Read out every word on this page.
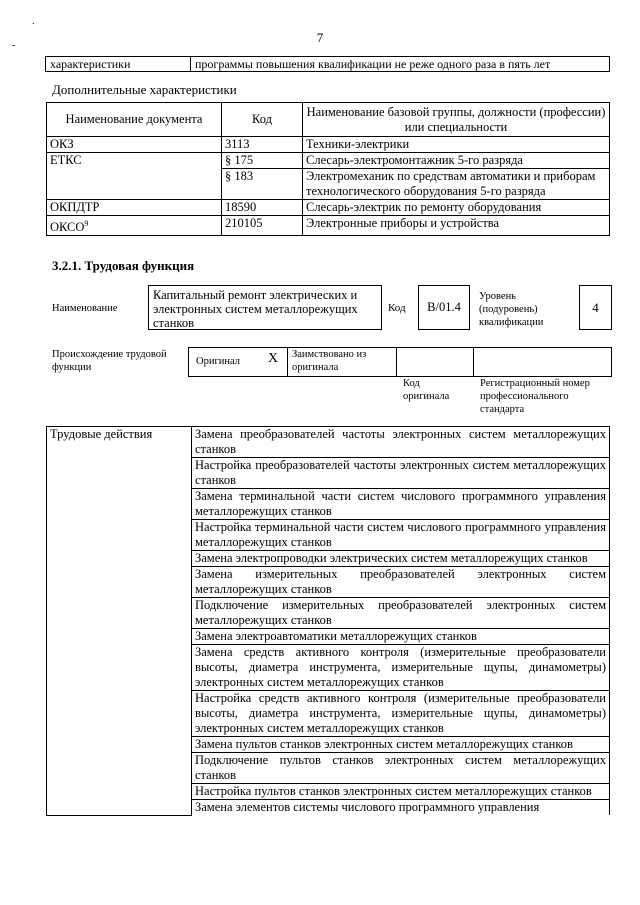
7
.
-
характеристики	программы повышения квалификации не реже одного раза в пять лет
Дополнительные характеристики
Наименование документа	Код	Наименование базовой группы, должности (профессии) или специальности
ОКЗ	3113	Техники-электрики
ЕТКС	§ 175	Слесарь-электромонтажник 5-го разряда
	§ 183	Электромеханик по средствам автоматики и приборам технологического оборудования 5-го разряда
ОКПДТР	18590	Слесарь-электрик по ремонту оборудования
ОКСО$^9$	210105	Электронные приборы и устройства
3.2.1. Трудовая функция
Наименование
Капитальный ремонт электрических и электронных систем металлорежущих станков
Код	B/01.4
Уровень (подуровень) квалификации
4
Происхождение трудовой функции
Оригинал X Заимствовано из оригинала
Код оригинала
Регистрационный номер профессионального стандарта
Трудовые действия	Замена преобразователей частоты электронных систем металлорежущих станков
Настройка преобразователей частоты электронных систем металлорежущих станков
Замена терминальной части систем числового программного управления металлорежущих станков
Настройка терминальной части систем числового программного управления металлорежущих станков
Замена электропроводки электрических систем металлорежущих станков
Замена измерительных преобразователей электронных систем металлорежущих станков
Подключение измерительных преобразователей электронных систем металлорежущих станков
Замена электроавтоматики металлорежущих станков
Замена средств активного контроля (измерительные преобразователи высоты, диаметра инструмента, измерительные щупы, динамометры) электронных систем металлорежущих станков
Настройка средств активного контроля (измерительные преобразователи высоты, диаметра инструмента, измерительные щупы, динамометры) электронных систем металлорежущих станков
Замена пультов станков электронных систем металлорежущих станков
Подключение пультов станков электронных систем металлорежущих станков
Настройка пультов станков электронных систем металлорежущих станков
Замена элементов системы числового программного управления
